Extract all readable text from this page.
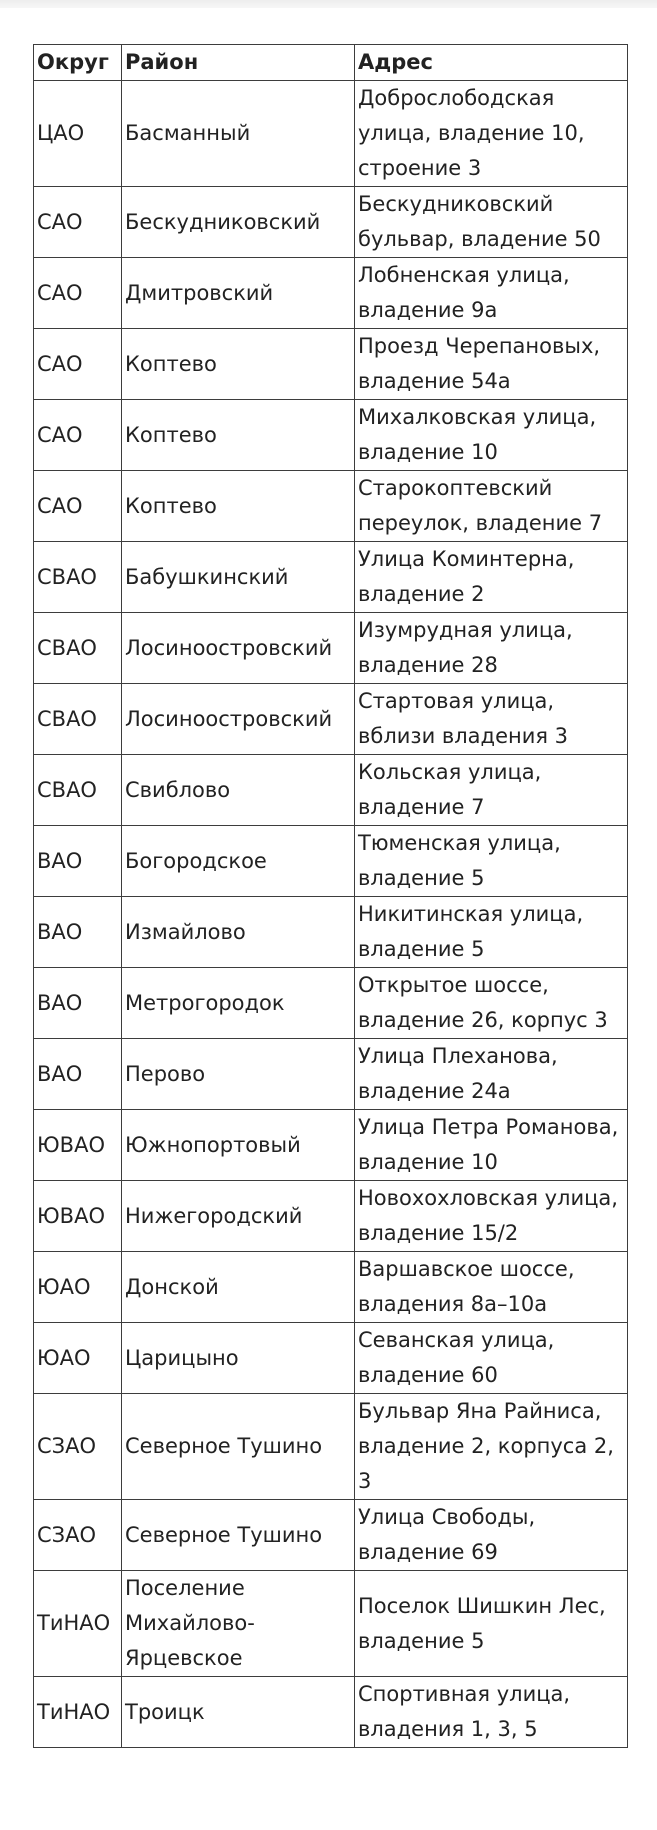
Округ	Район	Адрес
ЦАО	Басманный	Доброслободская улица, владение 10, строение 3
САО	Бескудниковский	Бескудниковский бульвар, владение 50
САО	Дмитровский	Лобненская улица, владение 9а
САО	Коптево	Проезд Черепановых, владение 54а
САО	Коптево	Михалковская улица, владение 10
САО	Коптево	Старокоптевский переулок, владение 7
СВАО	Бабушкинский	Улица Коминтерна, владение 2
СВАО	Лосиноостровский	Изумрудная улица, владение 28
СВАО	Лосиноостровский	Стартовая улица, вблизи владения 3
СВАО	Свиблово	Кольская улица, владение 7
ВАО	Богородское	Тюменская улица, владение 5
ВАО	Измайлово	Никитинская улица, владение 5
ВАО	Метрогородок	Открытое шоссе, владение 26, корпус 3
ВАО	Перово	Улица Плеханова, владение 24а
ЮВАО	Южнопортовый	Улица Петра Романова, владение 10
ЮВАО	Нижегородский	Новохохловская улица, владение 15/2
ЮАО	Донской	Варшавское шоссе, владения 8а–10а
ЮАО	Царицыно	Севанская улица, владение 60
СЗАО	Северное Тушино	Бульвар Яна Райниса, владение 2, корпуса 2, 3
СЗАО	Северное Тушино	Улица Свободы, владение 69
ТиНАО	Поселение Михайлово-Ярцевское	Поселок Шишкин Лес, владение 5
ТиНАО	Троицк	Спортивная улица, владения 1, 3, 5
